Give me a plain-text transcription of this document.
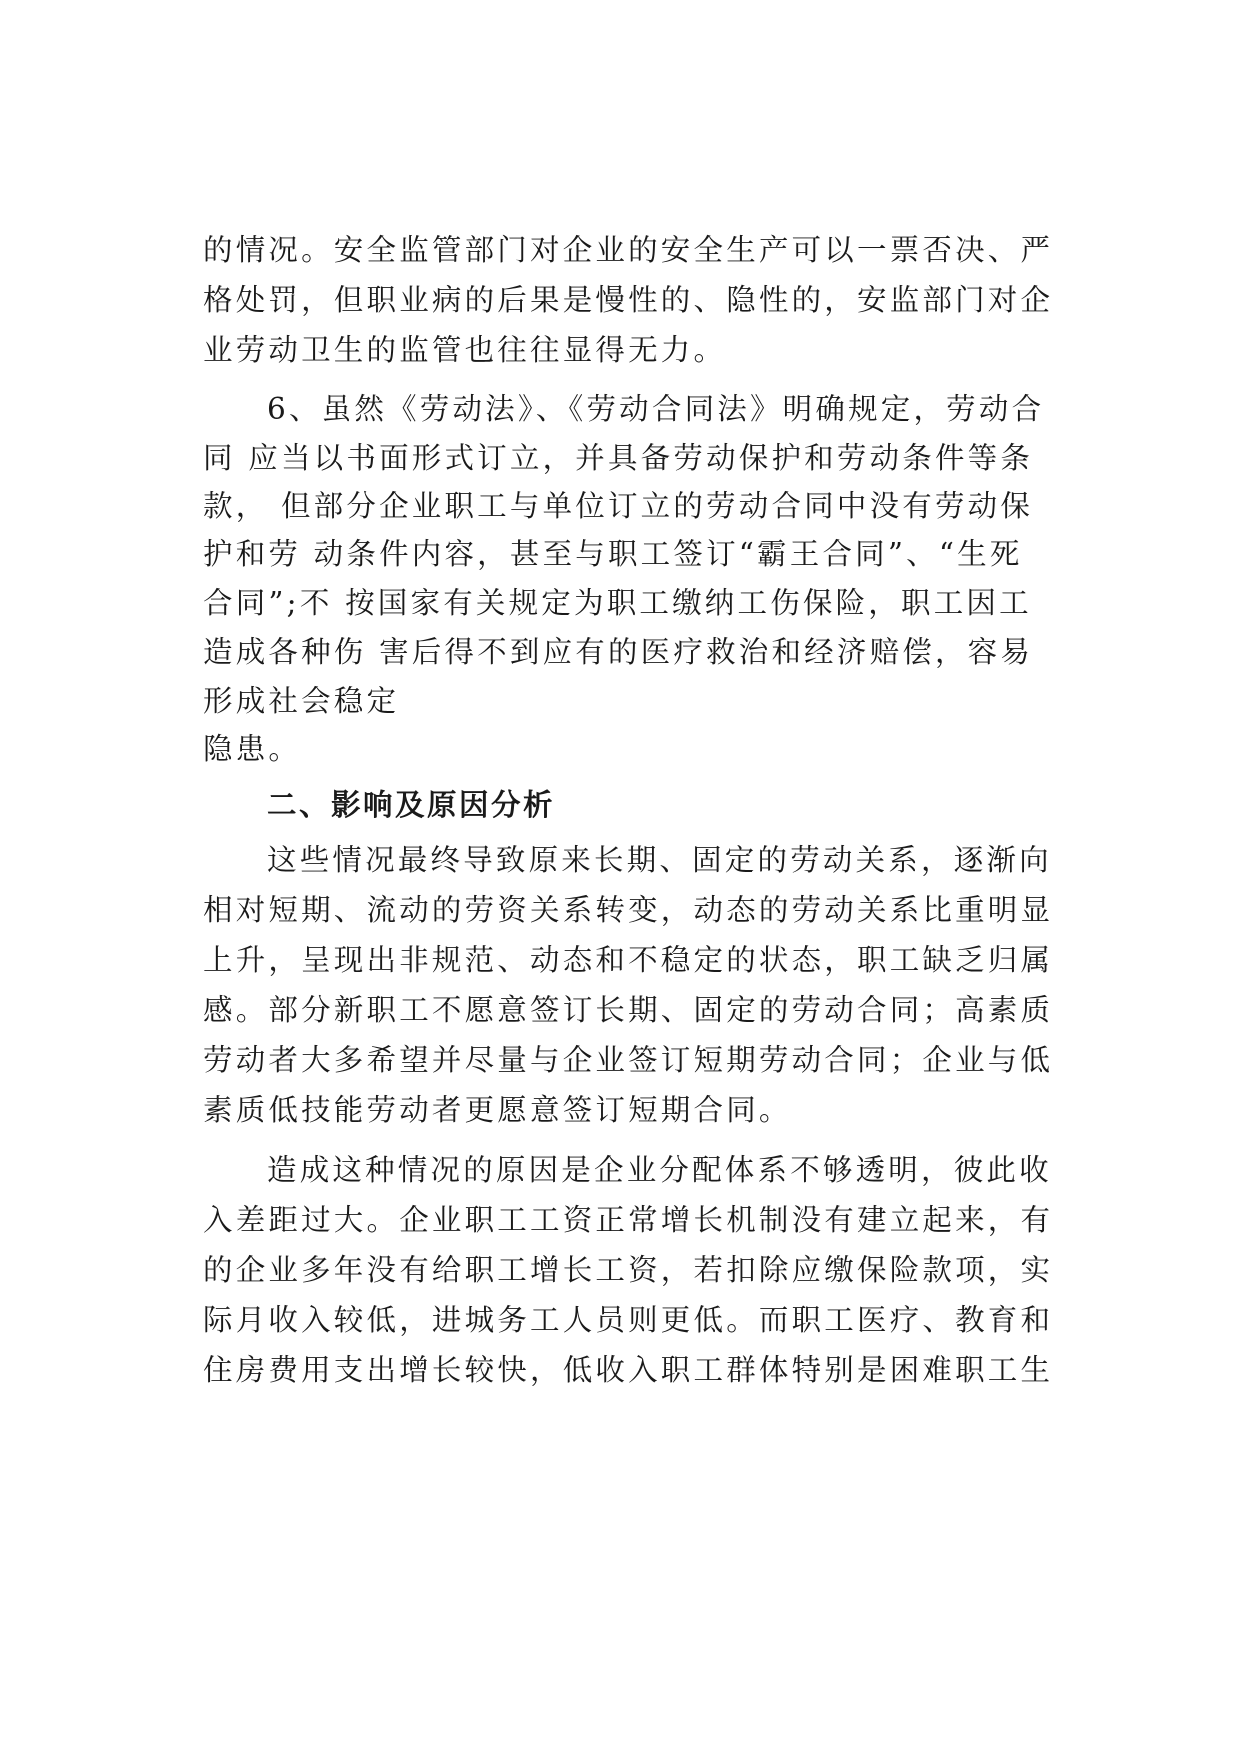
的情况。安全监管部门对企业的安全生产可以一票否决、严
格处罚，但职业病的后果是慢性的、隐性的，安监部门对企
业劳动卫生的监管也往往显得无力。
6、虽然《劳动法》、《劳动合同法》明确规定，劳动合
同 应当以书面形式订立，并具备劳动保护和劳动条件等条
款， 但部分企业职工与单位订立的劳动合同中没有劳动保
护和劳 动条件内容，甚至与职工签订“霸王合同”、“生死
合同”;不 按国家有关规定为职工缴纳工伤保险，职工因工
造成各种伤 害后得不到应有的医疗救治和经济赔偿，容易
形成社会稳定
隐患。
二、影响及原因分析
这些情况最终导致原来长期、固定的劳动关系，逐渐向
相对短期、流动的劳资关系转变，动态的劳动关系比重明显
上升，呈现出非规范、动态和不稳定的状态，职工缺乏归属
感。部分新职工不愿意签订长期、固定的劳动合同；高素质
劳动者大多希望并尽量与企业签订短期劳动合同；企业与低
素质低技能劳动者更愿意签订短期合同。
造成这种情况的原因是企业分配体系不够透明，彼此收
入差距过大。企业职工工资正常增长机制没有建立起来，有
的企业多年没有给职工增长工资，若扣除应缴保险款项，实
际月收入较低，进城务工人员则更低。而职工医疗、教育和
住房费用支出增长较快，低收入职工群体特别是困难职工生
